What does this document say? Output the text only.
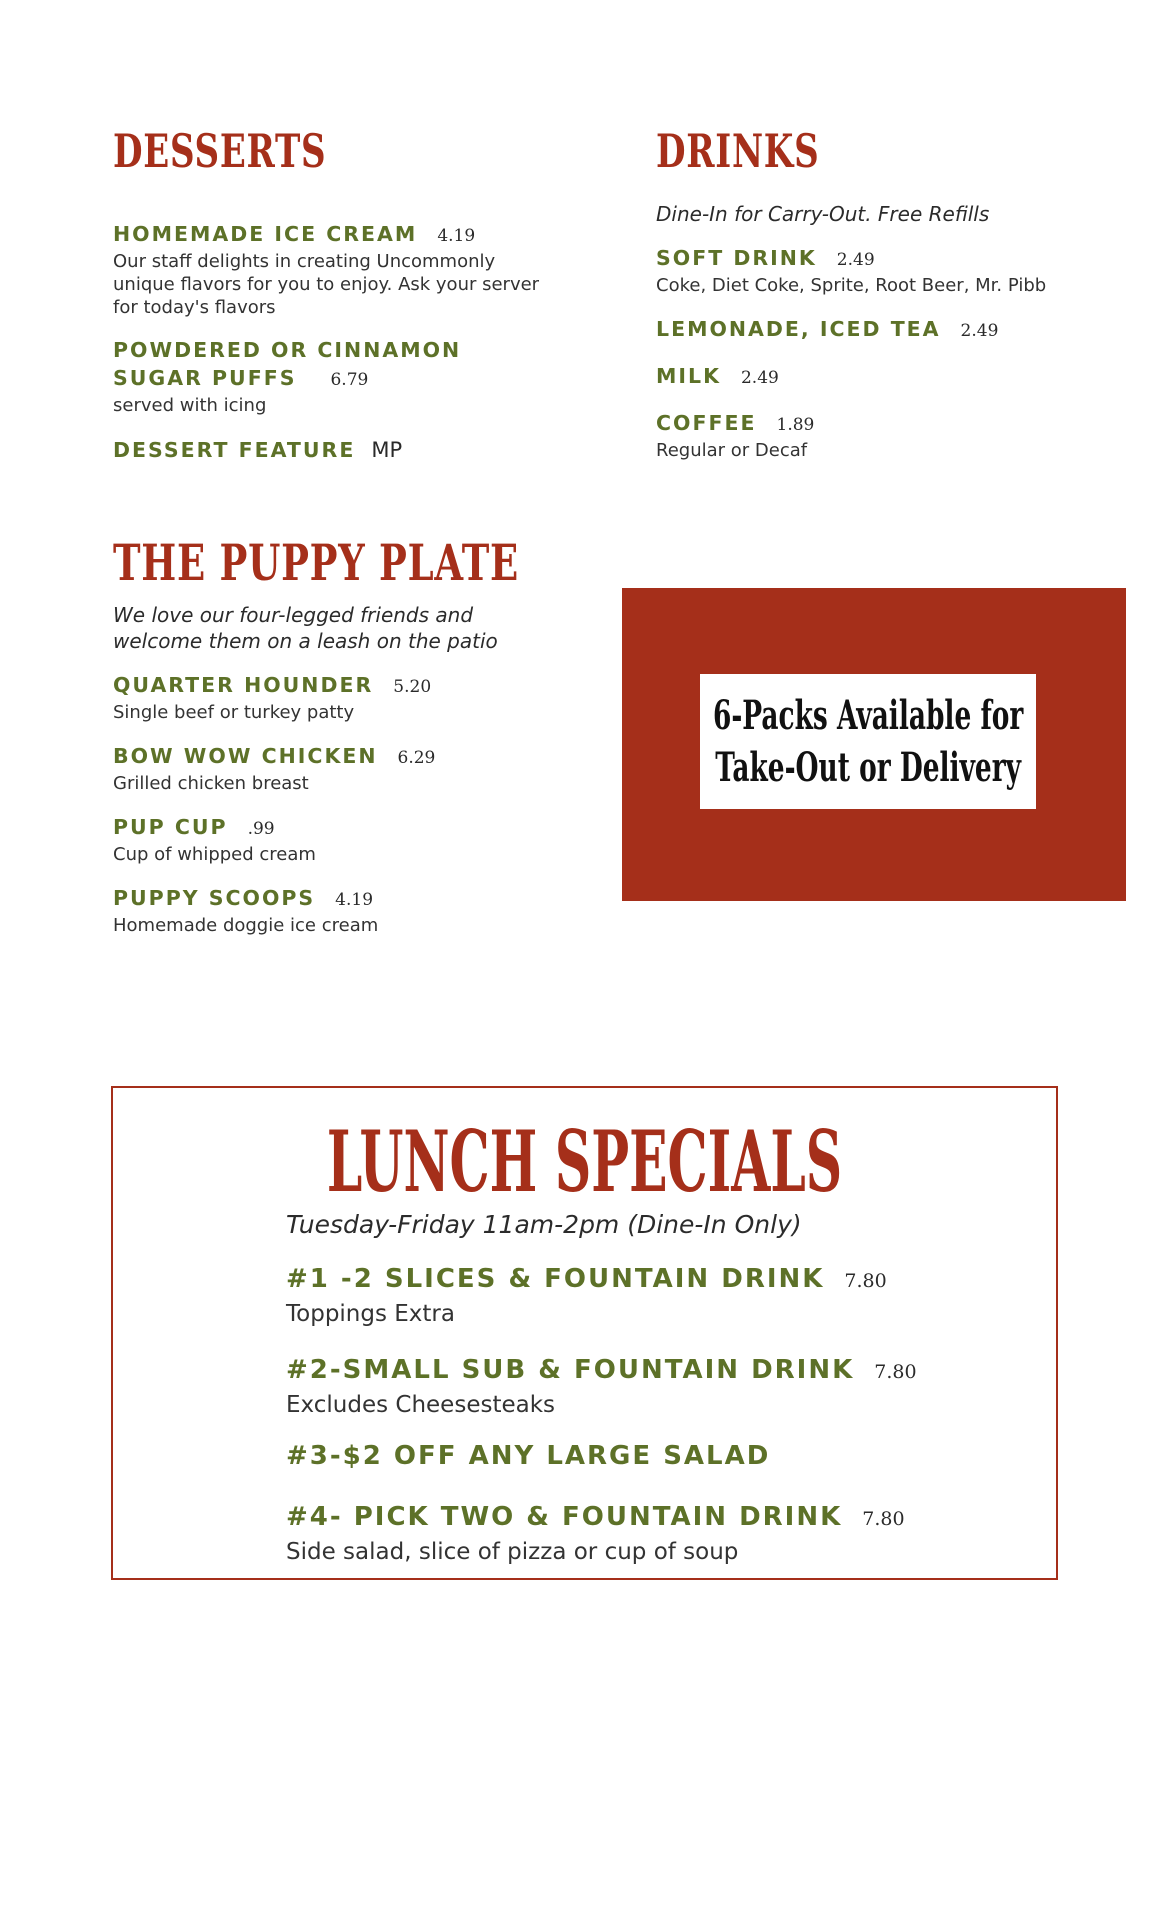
DESSERTS
HOMEMADE ICE CREAM 4.19
Our staff delights in creating Uncommonly unique flavors for you to enjoy. Ask your server for today's flavors
POWDERED OR CINNAMON
SUGAR PUFFS 6.79
served with icing
DESSERT FEATURE MP
DRINKS

Dine-In for Carry-Out. Free Refills

SOFT DRINK 2.49
Coke, Diet Coke, Sprite, Root Beer, Mr. Pibb
LEMONADE, ICED TEA 2.49
MILK 2.49
COFFEE 1.89
Regular or Decaf
THE PUPPY PLATE

We love our four-legged friends and welcome them on a leash on the patio

QUARTER HOUNDER 5.20
Single beef or turkey patty
BOW WOW CHICKEN 6.29
Grilled chicken breast
PUP CUP .99
Cup of whipped cream
PUPPY SCOOPS 4.19
Homemade doggie ice cream
6-Packs Available for
Take-Out or Delivery
LUNCH SPECIALS

Tuesday-Friday 11am-2pm (Dine-In Only)

#1 -2 SLICES & FOUNTAIN DRINK 7.80
Toppings Extra
#2-SMALL SUB & FOUNTAIN DRINK 7.80
Excludes Cheesesteaks
#3-$2 OFF ANY LARGE SALAD
#4- PICK TWO & FOUNTAIN DRINK 7.80
Side salad, slice of pizza or cup of soup
